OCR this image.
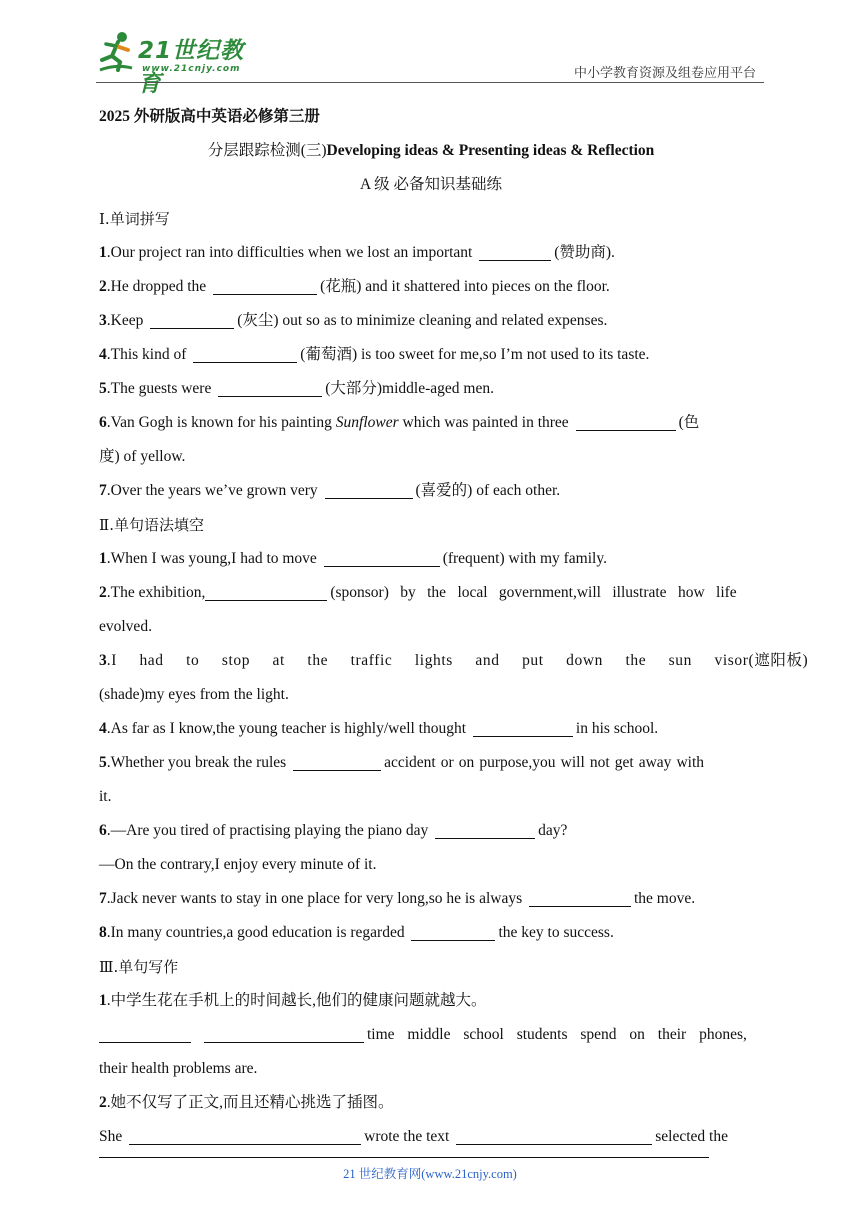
21世纪教育
www.21cnjy.com	中小学教育资源及组卷应用平台
2025 外研版高中英语必修第三册
分层跟踪检测(三)Developing ideas & Presenting ideas & Reflection
A 级 必备知识基础练
Ⅰ.单词拼写
1.Our project ran into difficulties when we lost an important	(赞助商).
2.He dropped the	(花瓶) and it shattered into pieces on the floor.
3.Keep	(灰尘) out so as to minimize cleaning and related expenses.
4.This kind of	(葡萄酒) is too sweet for me,so I’m not used to its taste.
5.The guests were	(大部分)middle-aged men.
6.Van Gogh is known for his painting Sunflower which was painted in three	(色
度) of yellow.
7.Over the years we’ve grown very	(喜爱的) of each other.
Ⅱ.单句语法填空
1.When I was young,I had to move	(frequent) with my family.
2.The exhibition,	(sponsor) by the local government,will illustrate how life
evolved.
3.I had to stop at the traffic lights and put down the sun visor(遮阳板)
(shade)my eyes from the light.
4.As far as I know,the young teacher is highly/well thought	in his school.
5.Whether you break the rules	accident or on purpose,you will not get away with
it.
6.—Are you tired of practising playing the piano day	day?
—On the contrary,I enjoy every minute of it.
7.Jack never wants to stay in one place for very long,so he is always	the move.
8.In many countries,a good education is regarded	the key to success.
Ⅲ.单句写作
1.中学生花在手机上的时间越长,他们的健康问题就越大。
time middle school students spend on their phones,
their health problems are.
2.她不仅写了正文,而且还精心挑选了插图。
She	wrote the text	selected the
21 世纪教育网(www.21cnjy.com)
